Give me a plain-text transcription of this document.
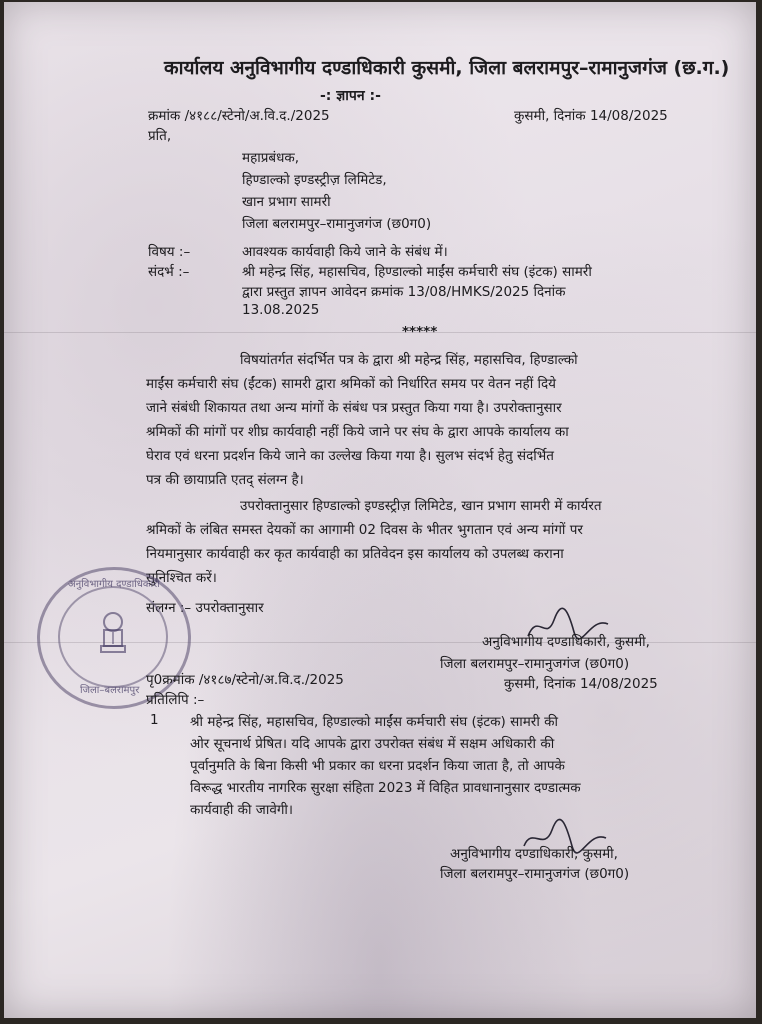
कार्यालय अनुविभागीय दण्डाधिकारी कुसमी, जिला बलरामपुर–रामानुजगंज (छ.ग.)
-: ज्ञापन :-
क्रमांक /४१८८/स्टेनो/अ.वि.द./2025	कुसमी, दिनांक 14/08/2025
प्रति,
महाप्रबंधक,
हिण्डाल्को इण्डस्ट्रीज़ लिमिटेड,
खान प्रभाग सामरी
जिला बलरामपुर–रामानुजगंज (छ0ग0)
विषय :–	आवश्यक कार्यवाही किये जाने के संबंध में।
संदर्भ :–	श्री महेन्द्र सिंह, महासचिव, हिण्डाल्को माईंस कर्मचारी संघ (इंटक) सामरी
द्वारा प्रस्तुत ज्ञापन आवेदन क्रमांक 13/08/HMKS/2025 दिनांक
13.08.2025
*****
विषयांतर्गत संदर्भित पत्र के द्वारा श्री महेन्द्र सिंह, महासचिव, हिण्डाल्को
माईंस कर्मचारी संघ (ईंटक) सामरी द्वारा श्रमिकों को निर्धारित समय पर वेतन नहीं दिये
जाने संबंधी शिकायत तथा अन्य मांगों के संबंध पत्र प्रस्तुत किया गया है। उपरोक्तानुसार
श्रमिकों की मांगों पर शीघ्र कार्यवाही नहीं किये जाने पर संघ के द्वारा आपके कार्यालय का
घेराव एवं धरना प्रदर्शन किये जाने का उल्लेख किया गया है। सुलभ संदर्भ हेतु संदर्भित
पत्र की छायाप्रति एतद् संलग्न है।
उपरोक्तानुसार हिण्डाल्को इण्डस्ट्रीज़ लिमिटेड, खान प्रभाग सामरी में कार्यरत
श्रमिकों के लंबित समस्त देयकों का आगामी 02 दिवस के भीतर भुगतान एवं अन्य मांगों पर
नियमानुसार कार्यवाही कर कृत कार्यवाही का प्रतिवेदन इस कार्यालय को उपलब्ध कराना
सुनिश्चित करें।
संलग्न :– उपरोक्तानुसार
अनुविभागीय दण्डाधिकारी
जिला–बलरामपुर
अनुविभागीय दण्डाधिकारी, कुसमी,
जिला बलरामपुर–रामानुजगंज (छ0ग0)
पृ0क्रमांक /४१८७/स्टेनो/अ.वि.द./2025	कुसमी, दिनांक 14/08/2025
प्रतिलिपि :–
1 श्री महेन्द्र सिंह, महासचिव, हिण्डाल्को माईंस कर्मचारी संघ (इंटक) सामरी की
ओर सूचनार्थ प्रेषित। यदि आपके द्वारा उपरोक्त संबंध में सक्षम अधिकारी की
पूर्वानुमति के बिना किसी भी प्रकार का धरना प्रदर्शन किया जाता है, तो आपके
विरूद्ध भारतीय नागरिक सुरक्षा संहिता 2023 में विहित प्रावधानानुसार दण्डात्मक
कार्यवाही की जावेगी।
अनुविभागीय दण्डाधिकारी, कुसमी,
जिला बलरामपुर–रामानुजगंज (छ0ग0)
